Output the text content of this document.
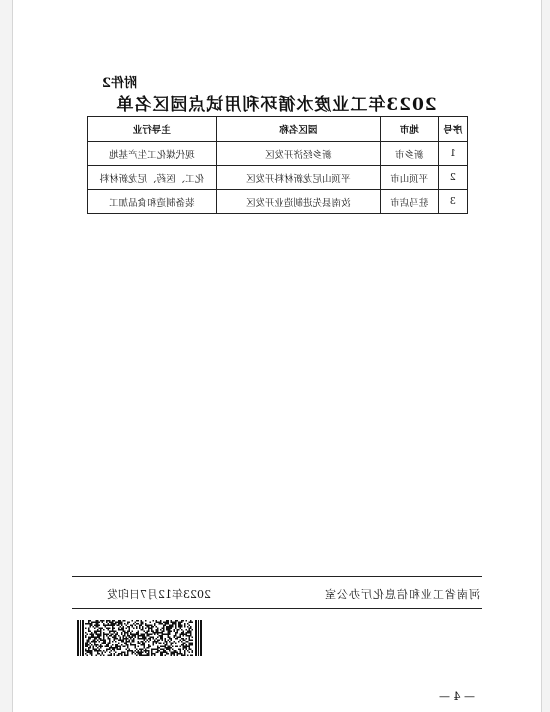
附件2
2023年工业废水循环利用试点园区名单
序号	地市	园区名称	主导行业
1	新乡市	新乡经济开发区	现代煤化工生产基地
2	平顶山市	平顶山尼龙新材料开发区	化工、医药、尼龙新材料
3	驻马店市	汝南县先进制造业开发区	装备制造和食品加工
河南省工业和信息化厅办公室
2023年12月7日印发
— 4 —
